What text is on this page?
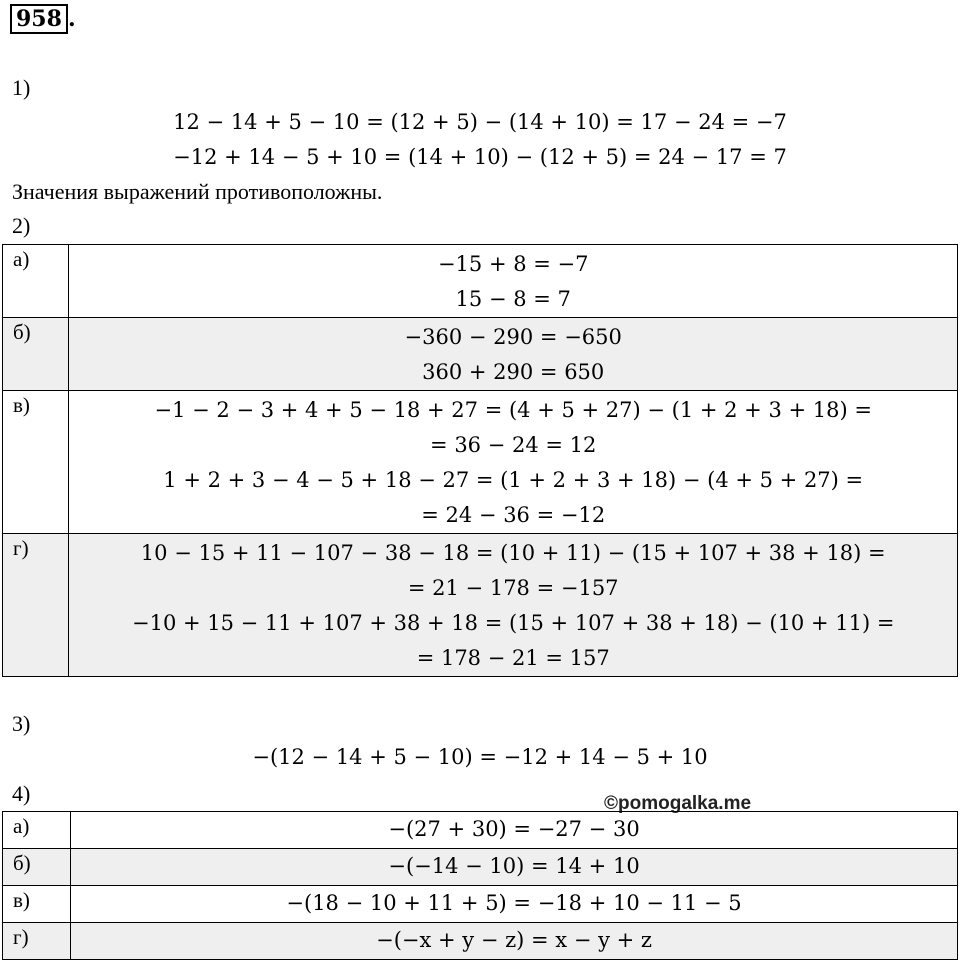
958 .
1)
12 − 14 + 5 − 10 = (12 + 5) − (14 + 10) = 17 − 24 = −7
−12 + 14 − 5 + 10 = (14 + 10) − (12 + 5) = 24 − 17 = 7
Значения выражений противоположны.
2)
а)	−15 + 8 = −7
15 − 8 = 7

б)	−360 − 290 = −650
360 + 290 = 650

в)	−1 − 2 − 3 + 4 + 5 − 18 + 27 = (4 + 5 + 27) − (1 + 2 + 3 + 18) =
= 36 − 24 = 12
1 + 2 + 3 − 4 − 5 + 18 − 27 = (1 + 2 + 3 + 18) − (4 + 5 + 27) =
= 24 − 36 = −12

г)	10 − 15 + 11 − 107 − 38 − 18 = (10 + 11) − (15 + 107 + 38 + 18) =
= 21 − 178 = −157
−10 + 15 − 11 + 107 + 38 + 18 = (15 + 107 + 38 + 18) − (10 + 11) =
= 178 − 21 = 157
3)
−(12 − 14 + 5 − 10) = −12 + 14 − 5 + 10
4)	©pomogalka.me
а)	−(27 + 30) = −27 − 30

б)	−(−14 − 10) = 14 + 10

в)	−(18 − 10 + 11 + 5) = −18 + 10 − 11 − 5

г)	−(−x + y − z) = x − y + z
